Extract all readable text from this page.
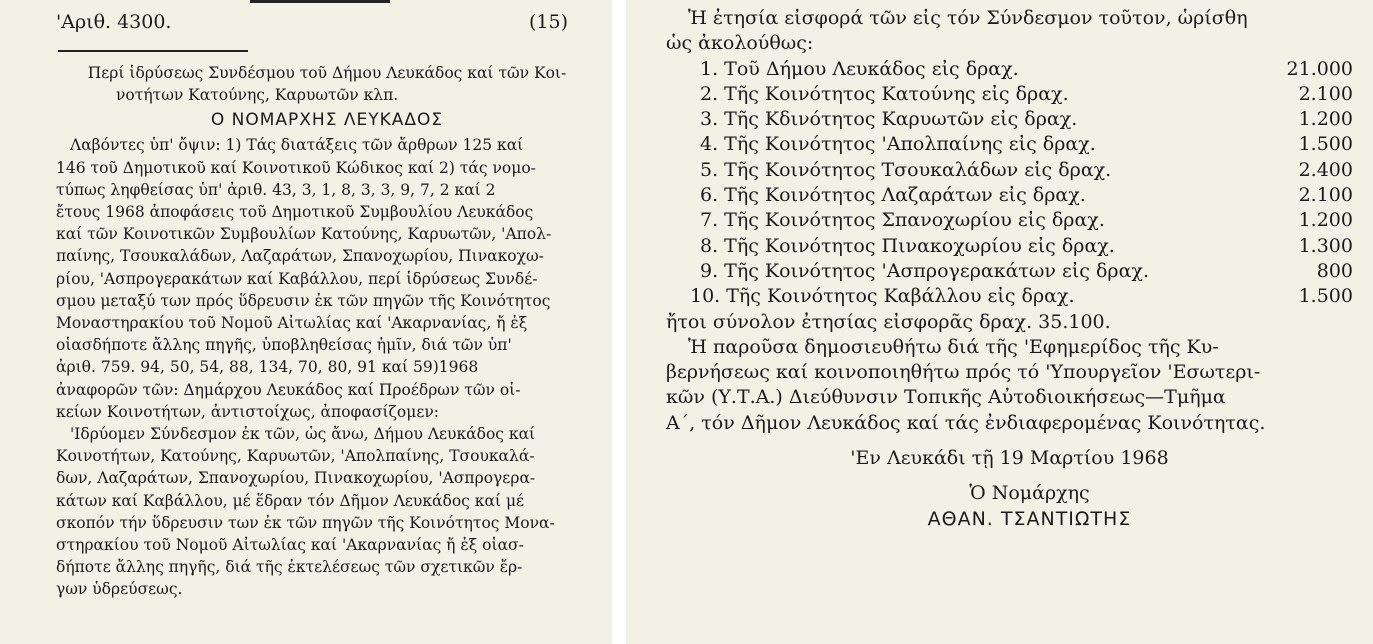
'Αριθ. 4300.	(15)
Περί ἱδρύσεως Συνδέσμου τοῦ Δήμου Λευκάδος καί τῶν Κοι-
νοτήτων Κατούνης, Καρυωτῶν κλπ.
Ο ΝΟΜΑΡΧΗΣ ΛΕΥΚΑΔΟΣ
Λαβόντες ὑπ' ὄψιν: 1) Τάς διατάξεις τῶν ἄρθρων 125 καί
146 τοῦ Δημοτικοῦ καί Κοινοτικοῦ Κώδικος καί 2) τάς νομο-
τύπως ληφθείσας ὑπ' ἀριθ. 43, 3, 1, 8, 3, 3, 9, 7, 2 καί 2
ἔτους 1968 ἀποφάσεις τοῦ Δημοτικοῦ Συμβουλίου Λευκάδος
καί τῶν Κοινοτικῶν Συμβουλίων Κατούνης, Καρυωτῶν, 'Απολ-
παίνης, Τσουκαλάδων, Λαζαράτων, Σπανοχωρίου, Πινακοχω-
ρίου, 'Ασπρογερακάτων καί Καβάλλου, περί ἱδρύσεως Συνδέ-
σμου μεταξύ των πρός ὕδρευσιν ἐκ τῶν πηγῶν τῆς Κοινότητος
Μοναστηρακίου τοῦ Νομοῦ Αἰτωλίας καί 'Ακαρνανίας, ἤ ἐξ
οἱασδήποτε ἄλλης πηγῆς, ὑποβληθείσας ἡμῖν, διά τῶν ὑπ'
ἀριθ. 759. 94, 50, 54, 88, 134, 70, 80, 91 καί 59)1968
ἀναφορῶν τῶν: Δημάρχου Λευκάδος καί Προέδρων τῶν οἰ-
κείων Κοινοτήτων, ἀντιστοίχως, ἀποφασίζομεν:
'Ιδρύομεν Σύνδεσμον ἐκ τῶν, ὡς ἄνω, Δήμου Λευκάδος καί
Κοινοτήτων, Κατούνης, Καρυωτῶν, 'Απολπαίνης, Τσουκαλά-
δων, Λαζαράτων, Σπανοχωρίου, Πινακοχωρίου, 'Ασπρογερα-
κάτων καί Καβάλλου, μέ ἕδραν τόν Δῆμον Λευκάδος καί μέ
σκοπόν τήν ὕδρευσιν των ἐκ τῶν πηγῶν τῆς Κοινότητος Μονα-
στηρακίου τοῦ Νομοῦ Αἰτωλίας καί 'Ακαρνανίας ἤ ἐξ οἱασ-
δήποτε ἄλλης πηγῆς, διά τῆς ἐκτελέσεως τῶν σχετικῶν ἔρ-
γων ὑδρεύσεως.
Ἡ ἐτησία εἰσφορά τῶν εἰς τόν Σύνδεσμον τοῦτον, ὡρίσθη
ὡς ἀκολούθως:
1. Τοῦ Δήμου Λευκάδος εἰς δραχ.	21.000
2. Τῆς Κοινότητος Κατούνης εἰς δραχ.	2.100
3. Τῆς Κδινότητος Καρυωτῶν εἰς δραχ.	1.200
4. Τῆς Κοινότητος 'Απολπαίνης εἰς δραχ.	1.500
5. Τῆς Κοινότητος Τσουκαλάδων εἰς δραχ.	2.400
6. Τῆς Κοινότητος Λαζαράτων εἰς δραχ.	2.100
7. Τῆς Κοινότητος Σπανοχωρίου εἰς δραχ.	1.200
8. Τῆς Κοινότητος Πινακοχωρίου εἰς δραχ.	1.300
9. Τῆς Κοινότητος 'Ασπρογερακάτων εἰς δραχ.	800
10. Τῆς Κοινότητος Καβάλλου εἰς δραχ.	1.500
ἤτοι σύνολον ἐτησίας εἰσφορᾶς δραχ. 35.100.
Ἡ παροῦσα δημοσιευθήτω διά τῆς 'Εφημερίδος τῆς Κυ-
βερνήσεως καί κοινοποιηθήτω πρός τό 'Υπουργεῖον 'Εσωτερι-
κῶν (Υ.Τ.Α.) Διεύθυνσιν Τοπικῆς Αὐτοδιοικήσεως—Τμῆμα
Α΄, τόν Δῆμον Λευκάδος καί τάς ἐνδιαφερομένας Κοινότητας.
'Εν Λευκάδι τῇ 19 Μαρτίου 1968
Ὁ Νομάρχης
ΑΘΑΝ. ΤΣΑΝΤΙΩΤΗΣ
